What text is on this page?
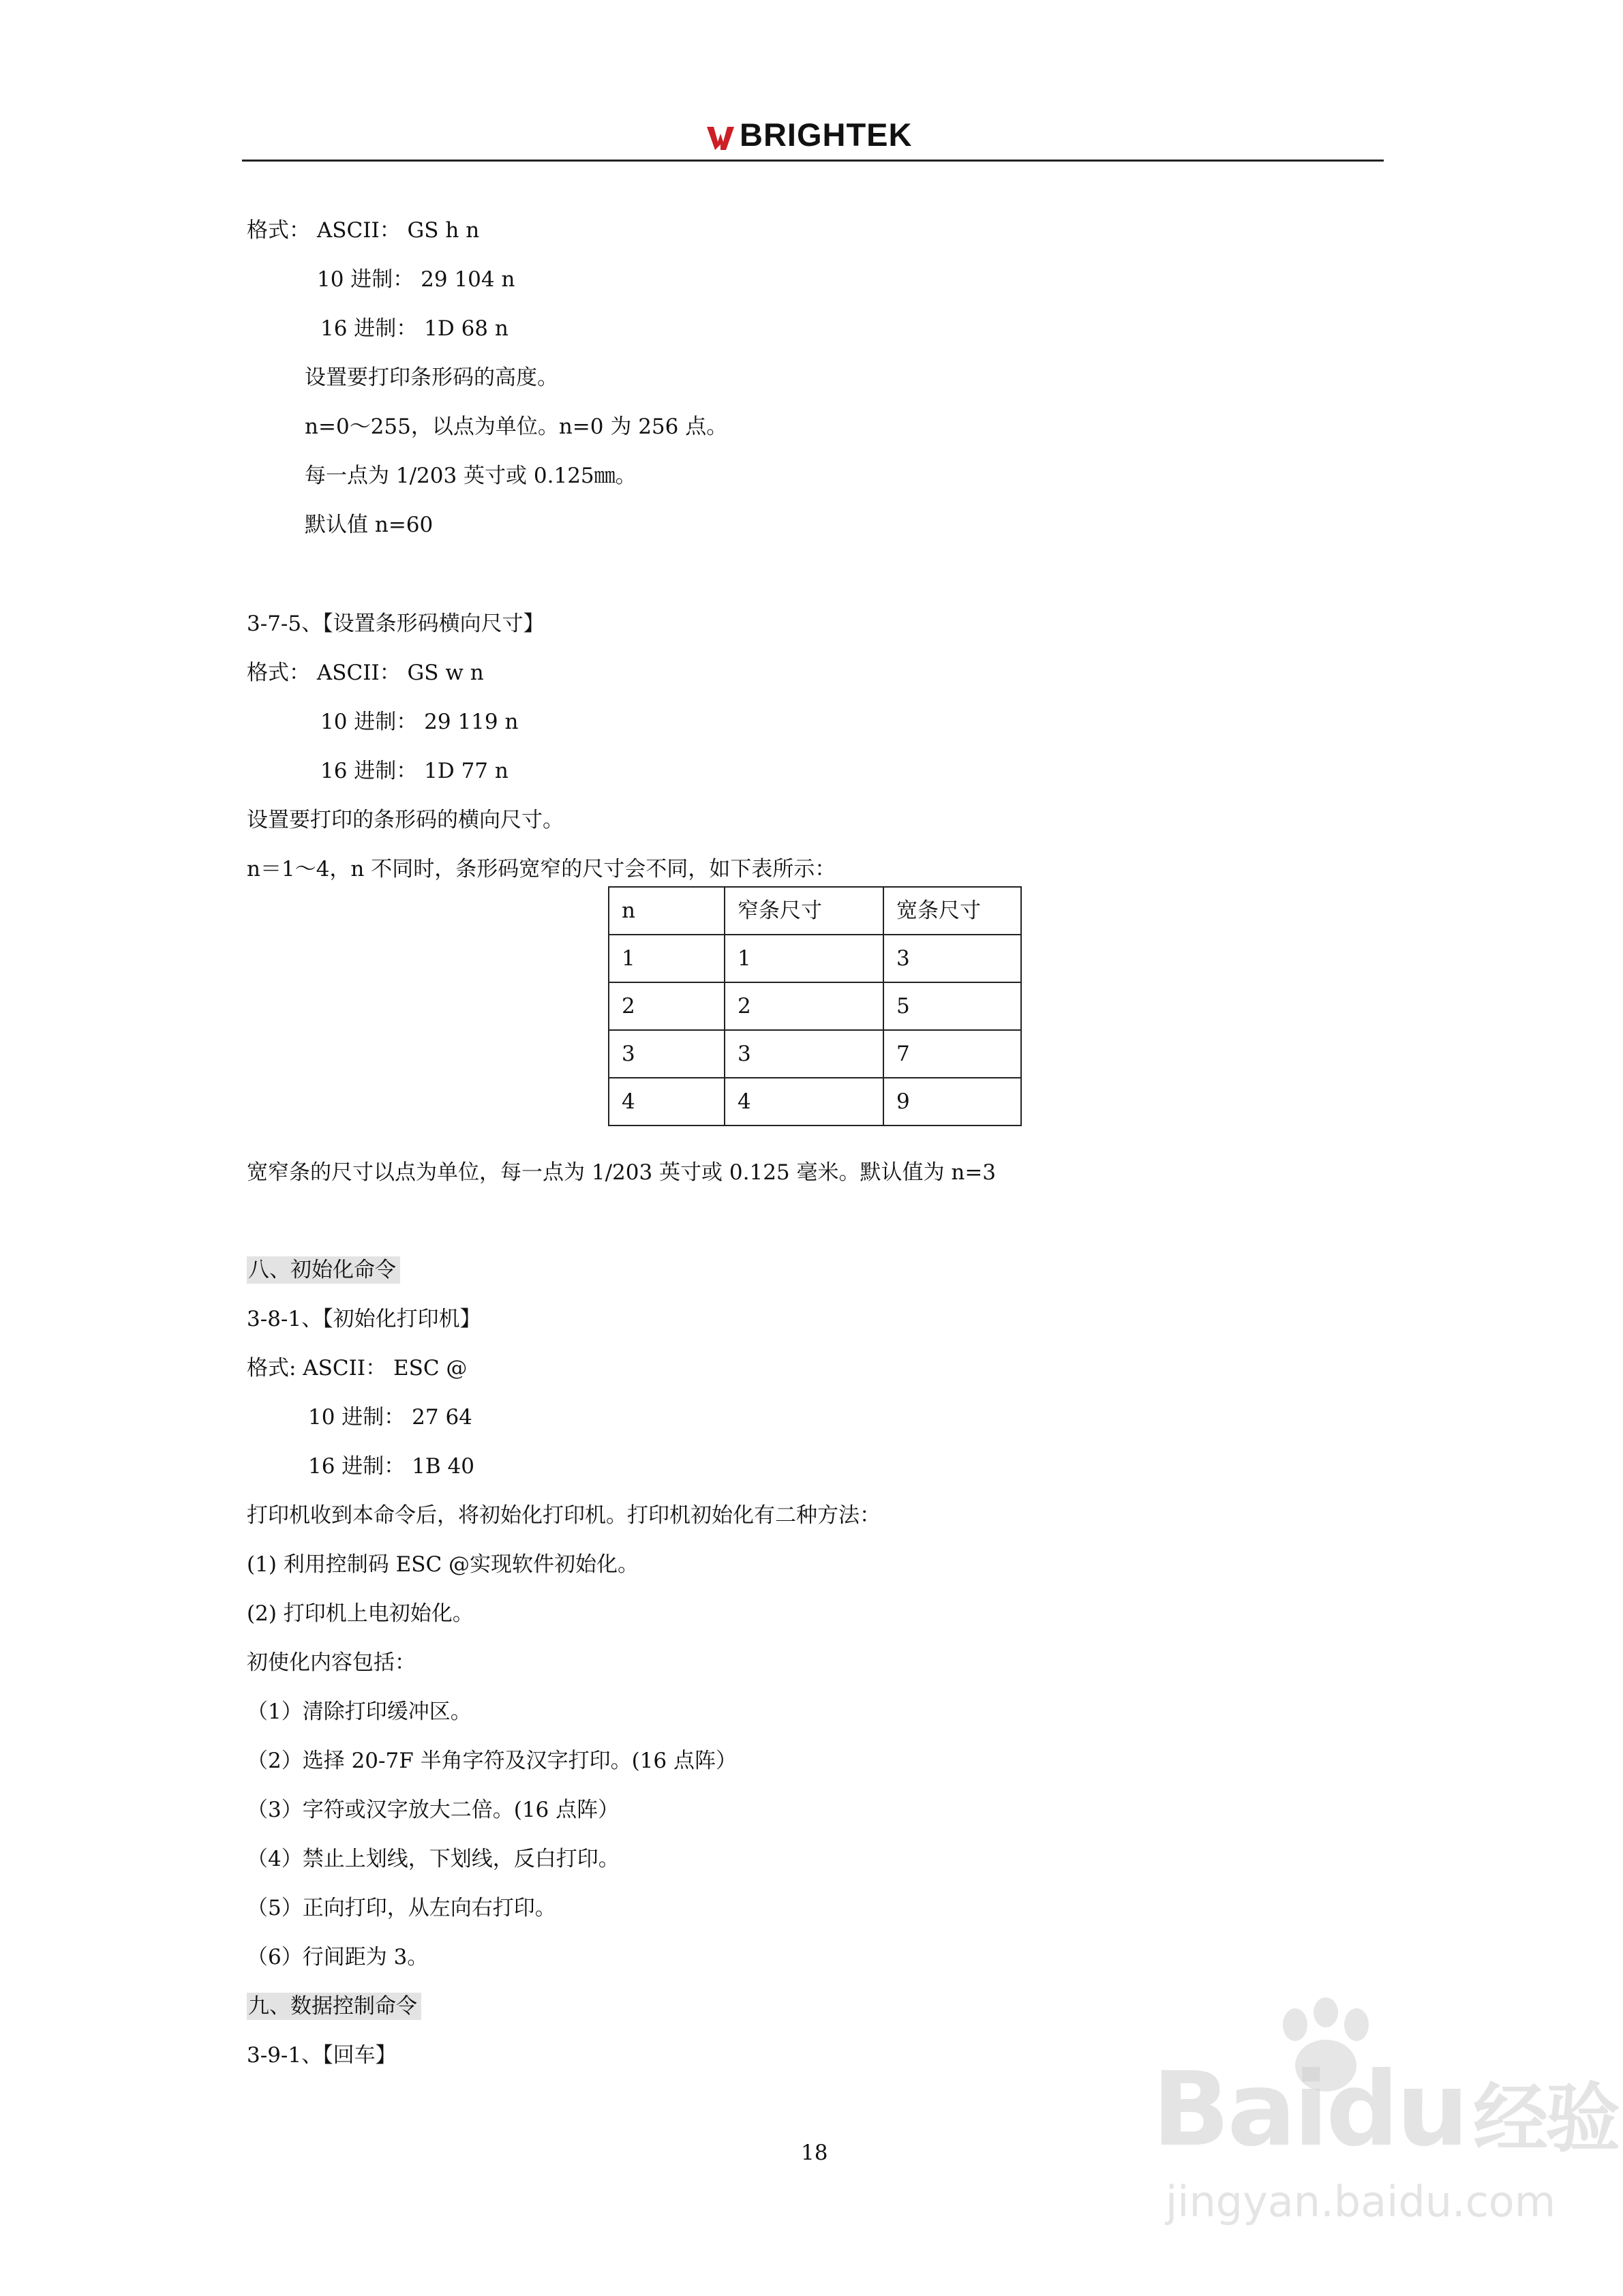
BRIGHTEK
格式： ASCII： GS h n
10 进制： 29 104 n
16 进制： 1D 68 n
设置要打印条形码的高度。
n=0～255，以点为单位。n=0 为 256 点。
每一点为 1/203 英寸或 0.125㎜。
默认值 n=60
3-7-5、【设置条形码横向尺寸】
格式： ASCII： GS w n
10 进制： 29 119 n
16 进制： 1D 77 n
设置要打印的条形码的横向尺寸。
n＝1～4，n 不同时，条形码宽窄的尺寸会不同，如下表所示：
n	窄条尺寸	宽条尺寸
1	1	3
2	2	5
3	3	7
4	4	9
宽窄条的尺寸以点为单位，每一点为 1/203 英寸或 0.125 毫米。默认值为 n=3
八、初始化命令
3-8-1、【初始化打印机】
格式: ASCII： ESC @
10 进制： 27 64
16 进制： 1B 40
打印机收到本命令后，将初始化打印机。打印机初始化有二种方法：
(1) 利用控制码 ESC @实现软件初始化。
(2) 打印机上电初始化。
初使化内容包括：
（1）清除打印缓冲区。
（2）选择 20-7F 半角字符及汉字打印。(16 点阵）
（3）字符或汉字放大二倍。(16 点阵）
（4）禁止上划线，下划线，反白打印。
（5）正向打印，从左向右打印。
（6）行间距为 3。
九、数据控制命令
3-9-1、【回车】
18	Baidu经验
jingyan.baidu.com
